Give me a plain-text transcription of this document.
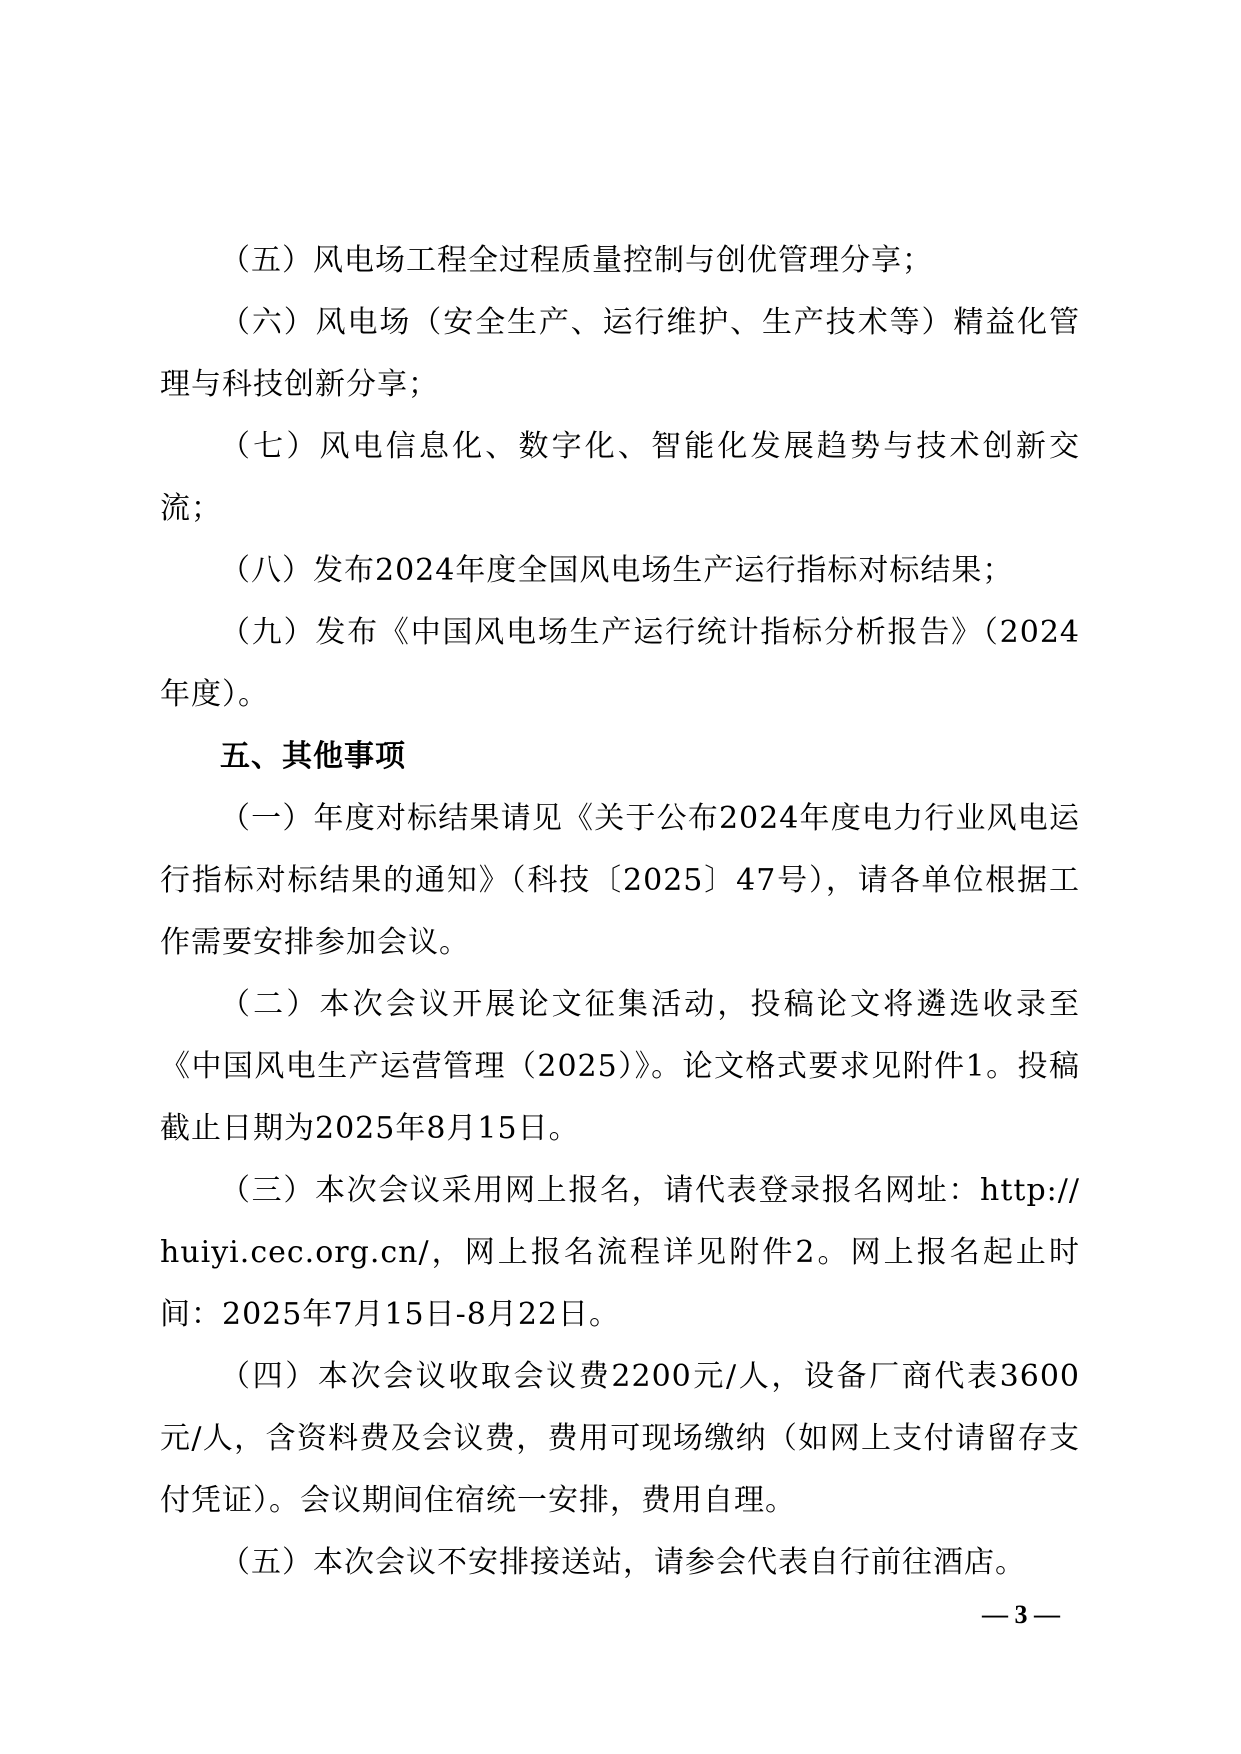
（五）风电场工程全过程质量控制与创优管理分享；

（六）风电场（安全生产、运行维护、生产技术等）精益化管理与科技创新分享；

（七）风电信息化、数字化、智能化发展趋势与技术创新交流；

（八）发布2024年度全国风电场生产运行指标对标结果；

（九）发布《中国风电场生产运行统计指标分析报告》（2024年度）。

五、其他事项

（一）年度对标结果请见《关于公布2024年度电力行业风电运行指标对标结果的通知》（科技〔2025〕47号），请各单位根据工作需要安排参加会议。

（二）本次会议开展论文征集活动，投稿论文将遴选收录至《中国风电生产运营管理（2025）》。论文格式要求见附件1。投稿截止日期为2025年8月15日。

（三）本次会议采用网上报名，请代表登录报名网址：http://huiyi.cec.org.cn/，网上报名流程详见附件2。网上报名起止时间：2025年7月15日-8月22日。

（四）本次会议收取会议费2200元/人，设备厂商代表3600元/人，含资料费及会议费，费用可现场缴纳（如网上支付请留存支付凭证）。会议期间住宿统一安排，费用自理。

（五）本次会议不安排接送站，请参会代表自行前往酒店。

— 3 —
